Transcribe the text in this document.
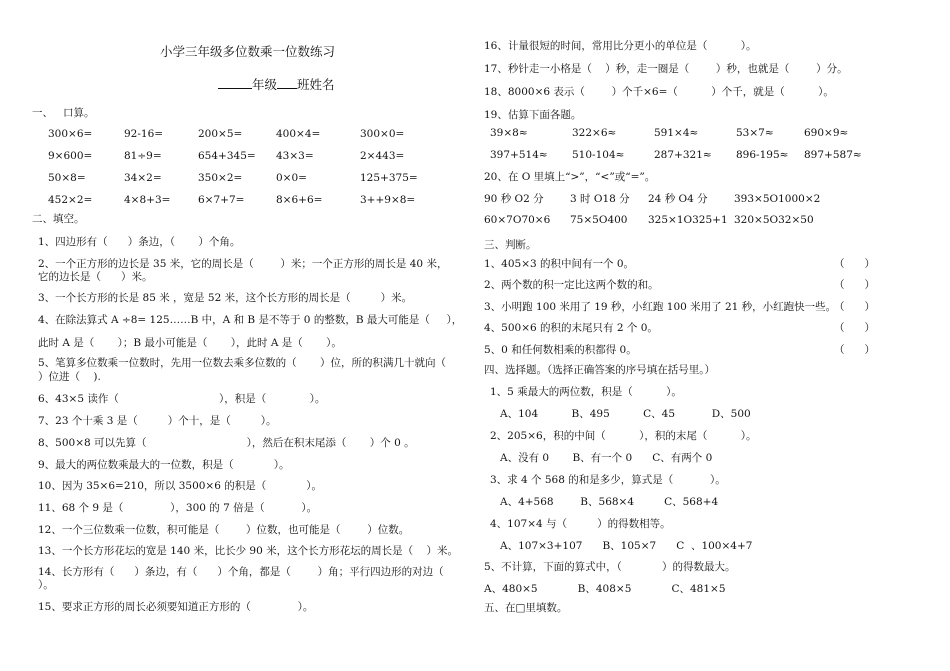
小学三年级多位数乘一位数练习
年级 班姓名
一、   口算。
300×6=	92-16=	200×5=	400×4=	300×0=
9×600=	81÷9=	654+345= 43×3=	2×443=
50×8=	34×2=	350×2=	0×0=	125+375=
452×2=	4×8+3=	6×7+7=	8×6+6=	3++9×8=
二、填空。
1、四边形有（      ）条边，（       ）个角。
2、一个正方形的边长是 35 米，它的周长是（        ）米；一个正方形的周长是 40 米，
它的边长是（      ）米。
3、一个长方形的长是 85 米 ，宽是 52 米，这个长方形的周长是（         ）米。
4、在除法算式 A ÷8= 125……B 中，A 和 B 是不等于 0 的整数，B 最大可能是（     ），
此时 A 是（       ）；B 最小可能是（       ），此时 A 是（       ）。
5、笔算多位数乘一位数时，先用一位数去乘多位数的（       ）位，所的积满几十就向（
）位进（    ).
6、43×5 读作（                              ），积是（             ）。
7、23 个十乘 3 是（         ）个十，是（         ）。
8、500×8 可以先算（                              ），然后在积末尾添（       ）个 0 。
9、最大的两位数乘最大的一位数，积是（            ）。
10、因为 35×6=210，所以 3500×6 的积是（            ）。
11、68 个 9 是（              ），300 的 7 倍是（           ）。
12、一个三位数乘一位数，积可能是（        ）位数，也可能是（        ）位数。
13、一个长方形花坛的宽是 140 米，比长少 90 米，这个长方形花坛的周长是（    ）米。
14、长方形有（      ）条边，有（      ）个角，都是（        ）角；平行四边形的对边（
）。
15、要求正方形的周长必须要知道正方形的（              ）。
16、计量很短的时间，常用比分更小的单位是（          ）。
17、秒针走一小格是（    ）秒，走一圈是（        ）秒，也就是（        ）分。
18、8000×6 表示（        ）个千×6=（          ）个千，就是（          ）。
19、估算下面各题。
39×8≈	322×6≈	591×4≈	53×7≈	690×9≈
397+514≈ 510-104≈	287+321≈ 896-195≈ 897+587≈
20、在 O 里填上“>”，“<”或“=”。
90 秒 O2 分	3 时 O18 分 24 秒 O4 分	393×5O1000×2
60×7O70×6 75×5O400 325×1O325+1 320×5O32×50
三、判断。
1、405×3 的积中间有一个 0。	（      ）
2、两个数的积一定比这两个数的和。	（      ）
3、小明跑 100 米用了 19 秒，小红跑 100 米用了 21 秒，小红跑快一些。
（      ）
4、500×6 的积的末尾只有 2 个 0。	（      ）
5、0 和任何数相乘的积都得 0。	（      ）
四、选择题。（选择正确答案的序号填在括号里。）
1、5 乘最大的两位数，积是（          ）。
A、104          B、495          C、45           D、500
2、205×6，积的中间（          ），积的末尾（          ）。
A、没有 0       B、有一个 0      C、有两个 0
3、求 4 个 568 的和是多少，算式是（           ）。
A、4+568        B、568×4         C、568+4
4、107×4 与（         ）的得数相等。
A、107×3+107      B、105×7      C  、100×4+7
5、不计算，下面的算式中，（            ）的得数最大。
A、480×5            B、408×5            C、481×5
五、在□里填数。
